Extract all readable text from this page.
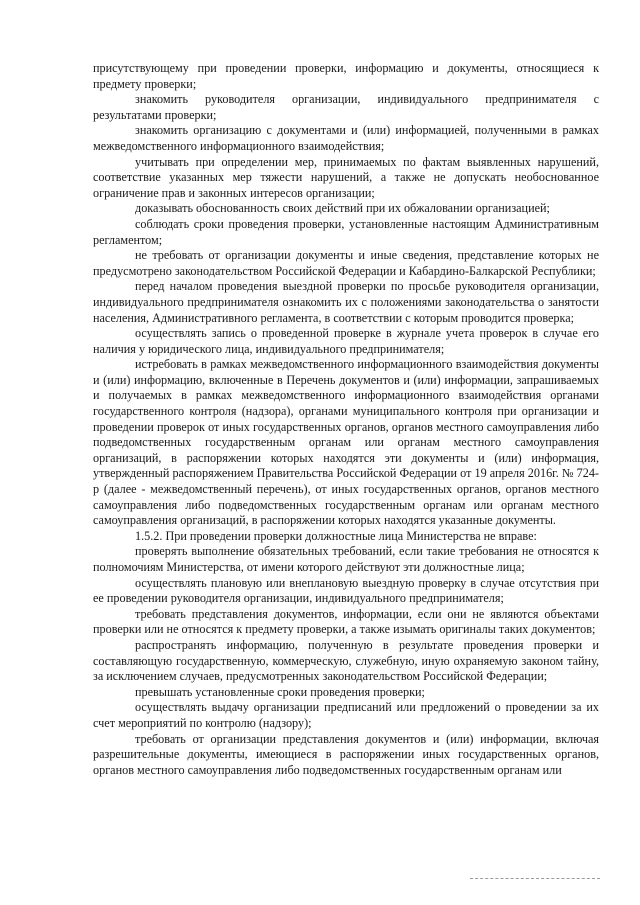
присутствующему при проведении проверки, информацию и документы, относящиеся к предмету проверки;

знакомить руководителя организации, индивидуального предпринимателя с результатами проверки;

знакомить организацию с документами и (или) информацией, полученными в рамках межведомственного информационного взаимодействия;

учитывать при определении мер, принимаемых по фактам выявленных нарушений, соответствие указанных мер тяжести нарушений, а также не допускать необоснованное ограничение прав и законных интересов организации;

доказывать обоснованность своих действий при их обжаловании организацией;

соблюдать сроки проведения проверки, установленные настоящим Административным регламентом;

не требовать от организации документы и иные сведения, представление которых не предусмотрено законодательством Российской Федерации и Кабардино-Балкарской Республики;

перед началом проведения выездной проверки по просьбе руководителя организации, индивидуального предпринимателя ознакомить их с положениями законодательства о занятости населения, Административного регламента, в соответствии с которым проводится проверка;

осуществлять запись о проведенной проверке в журнале учета проверок в случае его наличия у юридического лица, индивидуального предпринимателя;

истребовать в рамках межведомственного информационного взаимодействия документы и (или) информацию, включенные в Перечень документов и (или) информации, запрашиваемых и получаемых в рамках межведомственного информационного взаимодействия органами государственного контроля (надзора), органами муниципального контроля при организации и проведении проверок от иных государственных органов, органов местного самоуправления либо подведомственных государственным органам или органам местного самоуправления организаций, в распоряжении которых находятся эти документы и (или) информация, утвержденный распоряжением Правительства Российской Федерации от 19 апреля 2016г. № 724-р (далее - межведомственный перечень), от иных государственных органов, органов местного самоуправления либо подведомственных государственным органам или органам местного самоуправления организаций, в распоряжении которых находятся указанные документы.

1.5.2. При проведении проверки должностные лица Министерства не вправе:

проверять выполнение обязательных требований, если такие требования не относятся к полномочиям Министерства, от имени которого действуют эти должностные лица;

осуществлять плановую или внеплановую выездную проверку в случае отсутствия при ее проведении руководителя организации, индивидуального предпринимателя;

требовать представления документов, информации, если они не являются объектами проверки или не относятся к предмету проверки, а также изымать оригиналы таких документов;

распространять информацию, полученную в результате проведения проверки и составляющую государственную, коммерческую, служебную, иную охраняемую законом тайну, за исключением случаев, предусмотренных законодательством Российской Федерации;

превышать установленные сроки проведения проверки;

осуществлять выдачу организации предписаний или предложений о проведении за их счет мероприятий по контролю (надзору);

требовать от организации представления документов и (или) информации, включая разрешительные документы, имеющиеся в распоряжении иных государственных органов, органов местного самоуправления либо подведомственных государственным органам или
